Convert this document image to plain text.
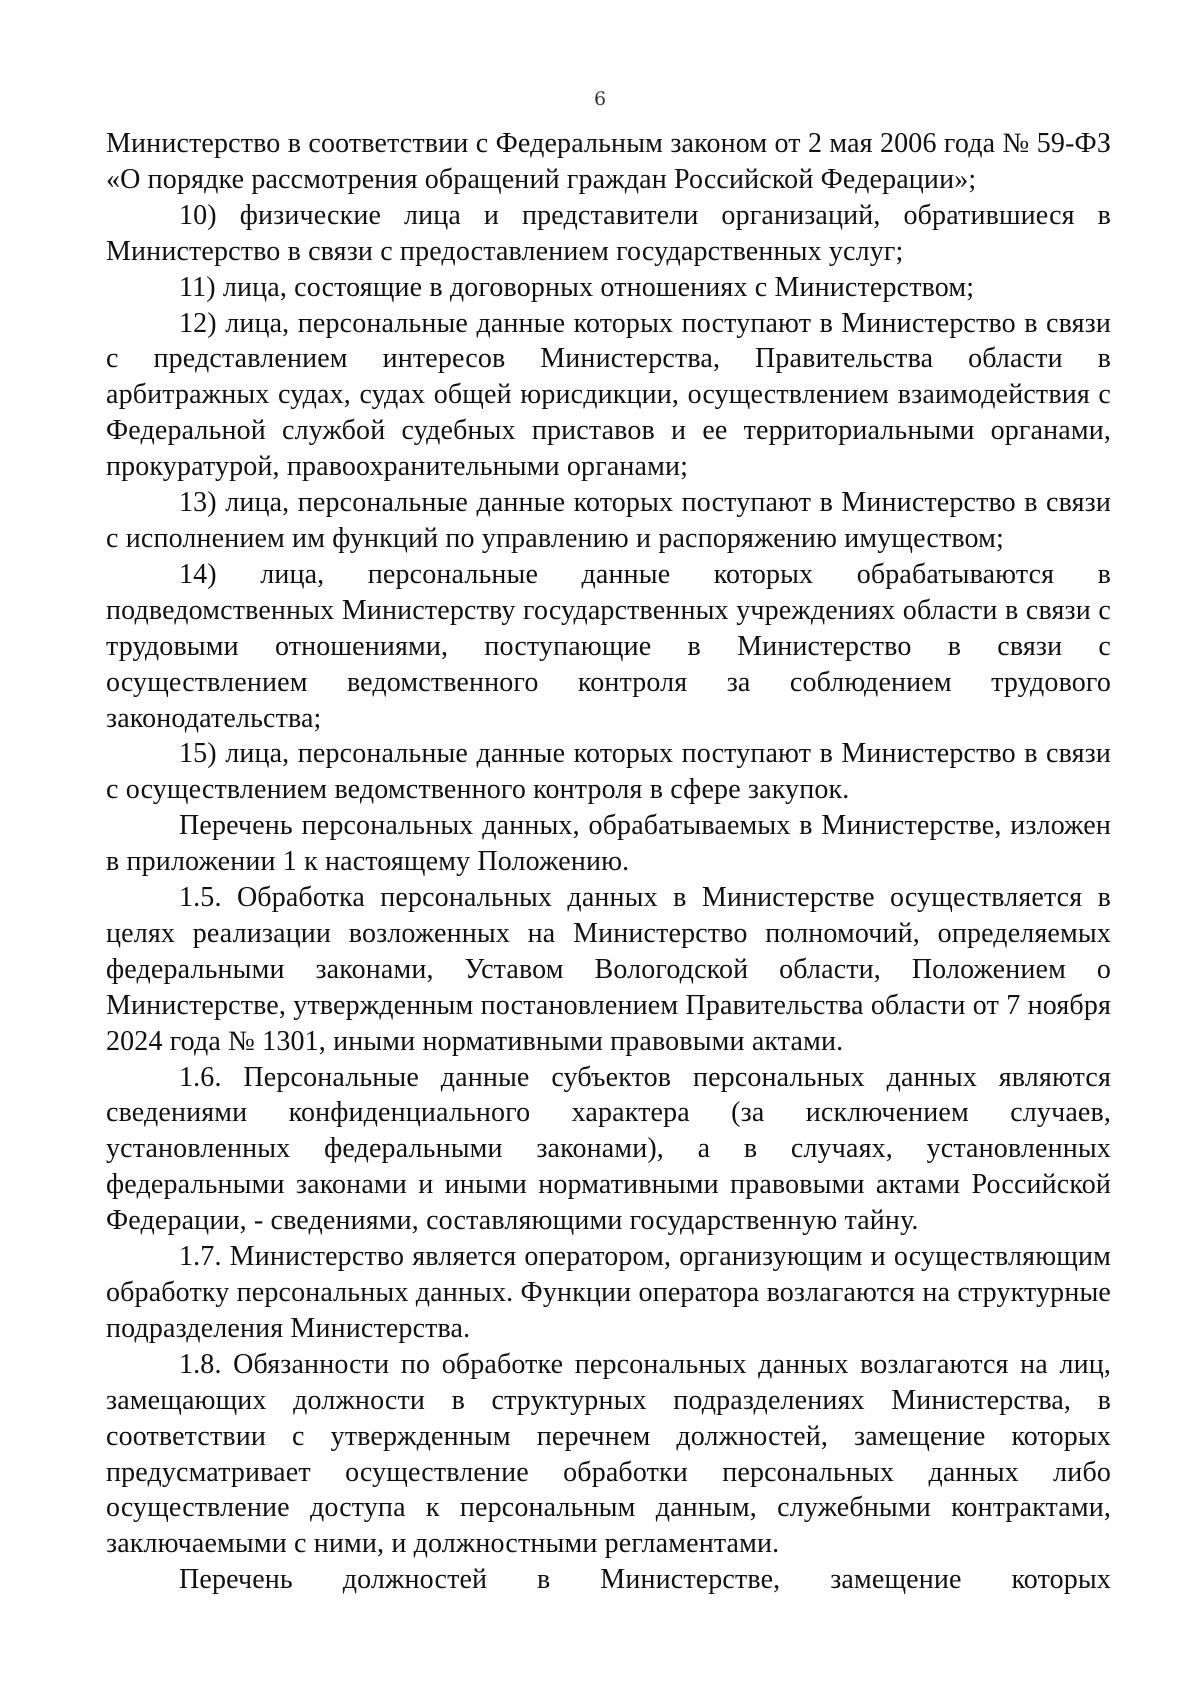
6

Министерство в соответствии с Федеральным законом от 2 мая 2006 года № 59-ФЗ «О порядке рассмотрения обращений граждан Российской Федерации»;

10) физические лица и представители организаций, обратившиеся в Министерство в связи с предоставлением государственных услуг;

11) лица, состоящие в договорных отношениях с Министерством;

12) лица, персональные данные которых поступают в Министерство в связи с представлением интересов Министерства, Правительства области в арбитражных судах, судах общей юрисдикции, осуществлением взаимодействия с Федеральной службой судебных приставов и ее территориальными органами, прокуратурой, правоохранительными органами;

13) лица, персональные данные которых поступают в Министерство в связи с исполнением им функций по управлению и распоряжению имуществом;

14) лица, персональные данные которых обрабатываются в подведомственных Министерству государственных учреждениях области в связи с трудовыми отношениями, поступающие в Министерство в связи с осуществлением ведомственного контроля за соблюдением трудового законодательства;

15) лица, персональные данные которых поступают в Министерство в связи с осуществлением ведомственного контроля в сфере закупок.

Перечень персональных данных, обрабатываемых в Министерстве, изложен в приложении 1 к настоящему Положению.

1.5. Обработка персональных данных в Министерстве осуществляется в целях реализации возложенных на Министерство полномочий, определяемых федеральными законами, Уставом Вологодской области, Положением о Министерстве, утвержденным постановлением Правительства области от 7 ноября 2024 года № 1301, иными нормативными правовыми актами.

1.6. Персональные данные субъектов персональных данных являются сведениями конфиденциального характера (за исключением случаев, установленных федеральными законами), а в случаях, установленных федеральными законами и иными нормативными правовыми актами Российской Федерации, - сведениями, составляющими государственную тайну.

1.7. Министерство является оператором, организующим и осуществляющим обработку персональных данных. Функции оператора возлагаются на структурные подразделения Министерства.

1.8. Обязанности по обработке персональных данных возлагаются на лиц, замещающих должности в структурных подразделениях Министерства, в соответствии с утвержденным перечнем должностей, замещение которых предусматривает осуществление обработки персональных данных либо осуществление доступа к персональным данным, служебными контрактами, заключаемыми с ними, и должностными регламентами.

Перечень должностей в Министерстве, замещение которых
